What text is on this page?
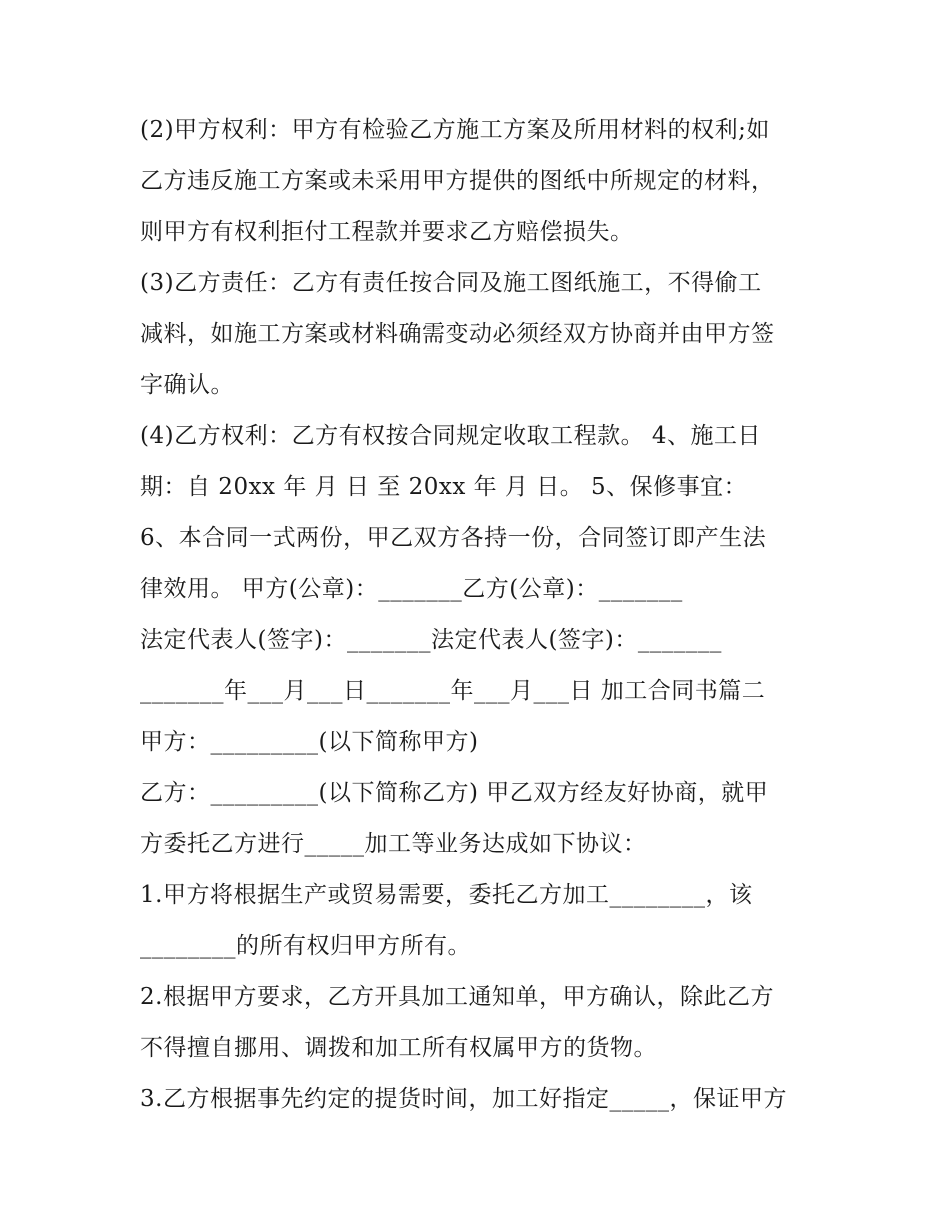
(2)甲方权利：甲方有检验乙方施工方案及所用材料的权利;如
乙方违反施工方案或未采用甲方提供的图纸中所规定的材料，
则甲方有权利拒付工程款并要求乙方赔偿损失。
(3)乙方责任：乙方有责任按合同及施工图纸施工，不得偷工
减料，如施工方案或材料确需变动必须经双方协商并由甲方签
字确认。
(4)乙方权利：乙方有权按合同规定收取工程款。 4、施工日
期：自 20xx 年 月 日 至 20xx 年 月 日。 5、保修事宜：
6、本合同一式两份，甲乙双方各持一份，合同签订即产生法
律效用。 甲方(公章)：_______乙方(公章)：_______
法定代表人(签字)：_______法定代表人(签字)：_______
_______年___月___日_______年___月___日 加工合同书篇二
甲方：_________(以下简称甲方)
乙方：_________(以下简称乙方) 甲乙双方经友好协商，就甲
方委托乙方进行_____加工等业务达成如下协议：
1.甲方将根据生产或贸易需要，委托乙方加工________，该
________的所有权归甲方所有。
2.根据甲方要求，乙方开具加工通知单，甲方确认，除此乙方
不得擅自挪用、调拨和加工所有权属甲方的货物。
3.乙方根据事先约定的提货时间，加工好指定_____，保证甲方
